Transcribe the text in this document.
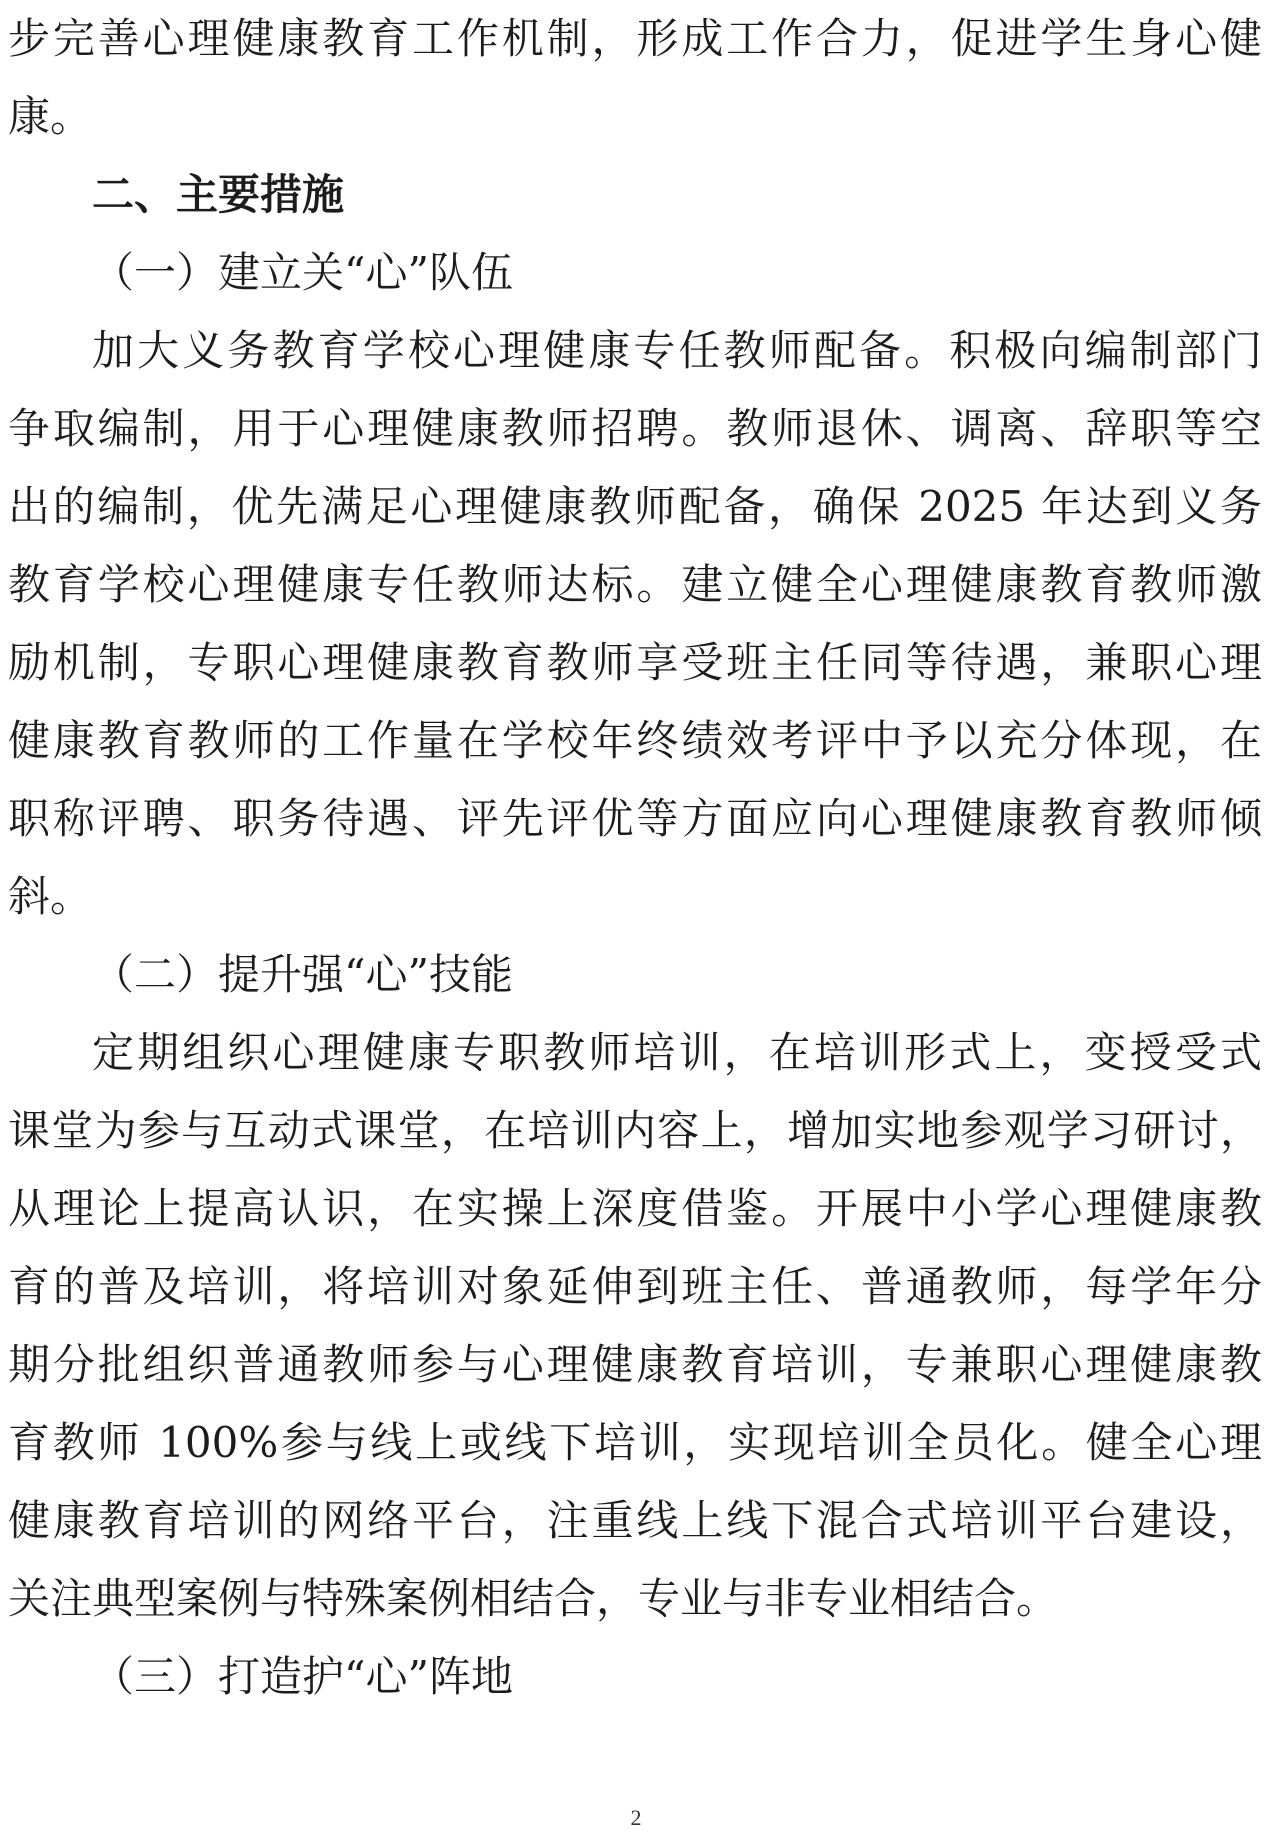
步完善心理健康教育工作机制，形成工作合力，促进学生身心健
康。
二、主要措施
（一）建立关“心”队伍
加大义务教育学校心理健康专任教师配备。积极向编制部门
争取编制，用于心理健康教师招聘。教师退休、调离、辞职等空
出的编制，优先满足心理健康教师配备，确保 2025 年达到义务
教育学校心理健康专任教师达标。建立健全心理健康教育教师激
励机制，专职心理健康教育教师享受班主任同等待遇，兼职心理
健康教育教师的工作量在学校年终绩效考评中予以充分体现，在
职称评聘、职务待遇、评先评优等方面应向心理健康教育教师倾
斜。
（二）提升强“心”技能
定期组织心理健康专职教师培训，在培训形式上，变授受式
课堂为参与互动式课堂，在培训内容上，增加实地参观学习研讨，
从理论上提高认识，在实操上深度借鉴。开展中小学心理健康教
育的普及培训，将培训对象延伸到班主任、普通教师，每学年分
期分批组织普通教师参与心理健康教育培训，专兼职心理健康教
育教师 100%参与线上或线下培训，实现培训全员化。健全心理
健康教育培训的网络平台，注重线上线下混合式培训平台建设，
关注典型案例与特殊案例相结合，专业与非专业相结合。
（三）打造护“心”阵地
2
